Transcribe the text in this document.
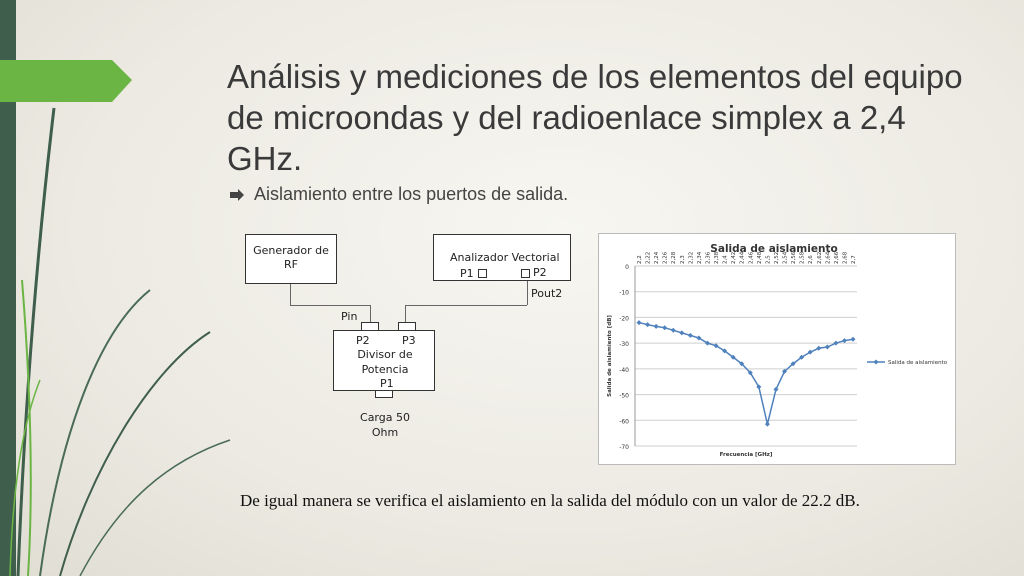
Análisis y mediciones de los elementos del equipo de microondas y del radioenlace simplex a 2,4 GHz.
Aislamiento entre los puertos de salida.
Generador de RF
Analizador Vectorial
P1	P2
Pout2
Pin
P2	P3
Divisor de Potencia
P1
Carga 50 Ohm
Salida de aislamiento
0
-10
-20
-30
-40
-50
-60
-70
2,2 2,22 2,24 2,26 2,28 2,3 2,32 2,34 2,36 2,38 2,4 2,42 2,44 2,46 2,48 2,5 2,52 2,54 2,56 2,58 2,6 2,62 2,64 2,66 2,68 2,7
Salida de aislamiento [dB]
Frecuencia [GHz]
Salida de aislamiento
De igual manera se verifica el aislamiento en la salida del módulo con un valor de 22.2 dB.
